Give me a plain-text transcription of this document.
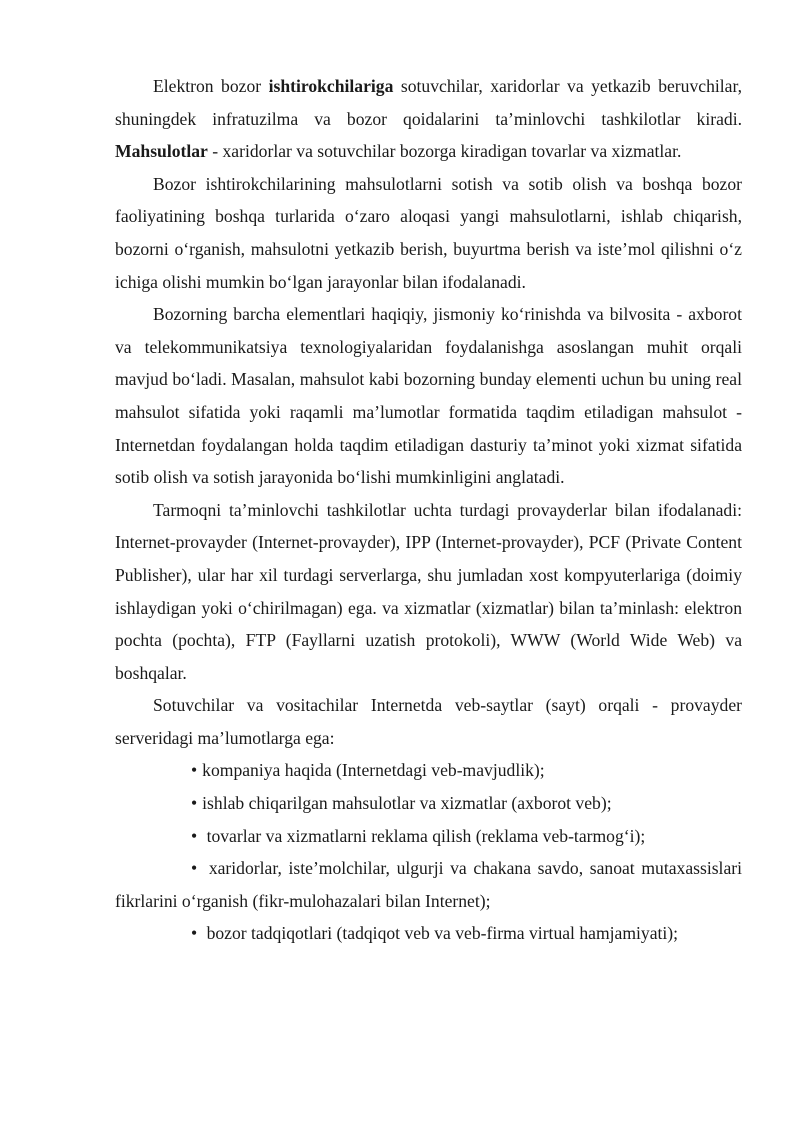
Elektron bozor ishtirokchilariga sotuvchilar, xaridorlar va yetkazib beruvchilar, shuningdek infratuzilma va bozor qoidalarini ta’minlovchi tashkilotlar kiradi. Mahsulotlar - xaridorlar va sotuvchilar bozorga kiradigan tovarlar va xizmatlar.

Bozor ishtirokchilarining mahsulotlarni sotish va sotib olish va boshqa bozor faoliyatining boshqa turlarida o‘zaro aloqasi yangi mahsulotlarni, ishlab chiqarish, bozorni o‘rganish, mahsulotni yetkazib berish, buyurtma berish va iste’mol qilishni o‘z ichiga olishi mumkin bo‘lgan jarayonlar bilan ifodalanadi.

Bozorning barcha elementlari haqiqiy, jismoniy ko‘rinishda va bilvosita - axborot va telekommunikatsiya texnologiyalaridan foydalanishga asoslangan muhit orqali mavjud bo‘ladi. Masalan, mahsulot kabi bozorning bunday elementi uchun bu uning real mahsulot sifatida yoki raqamli ma’lumotlar formatida taqdim etiladigan mahsulot - Internetdan foydalangan holda taqdim etiladigan dasturiy ta’minot yoki xizmat sifatida sotib olish va sotish jarayonida bo‘lishi mumkinligini anglatadi.

Tarmoqni ta’minlovchi tashkilotlar uchta turdagi provayderlar bilan ifodalanadi: Internet-provayder (Internet-provayder), IPP (Internet-provayder), PCF (Private Content Publisher), ular har xil turdagi serverlarga, shu jumladan xost kompyuterlariga (doimiy ishlaydigan yoki o‘chirilmagan) ega. va xizmatlar (xizmatlar) bilan ta’minlash: elektron pochta (pochta), FTP (Fayllarni uzatish protokoli), WWW (World Wide Web) va boshqalar.

Sotuvchilar va vositachilar Internetda veb-saytlar (sayt) orqali - provayder serveridagi ma’lumotlarga ega:

• kompaniya haqida (Internetdagi veb-mavjudlik);

• ishlab chiqarilgan mahsulotlar va xizmatlar (axborot veb);

• tovarlar va xizmatlarni reklama qilish (reklama veb-tarmog‘i);

• xaridorlar, iste’molchilar, ulgurji va chakana savdo, sanoat mutaxassislari fikrlarini o‘rganish (fikr-mulohazalari bilan Internet);

• bozor tadqiqotlari (tadqiqot veb va veb-firma virtual hamjamiyati);
